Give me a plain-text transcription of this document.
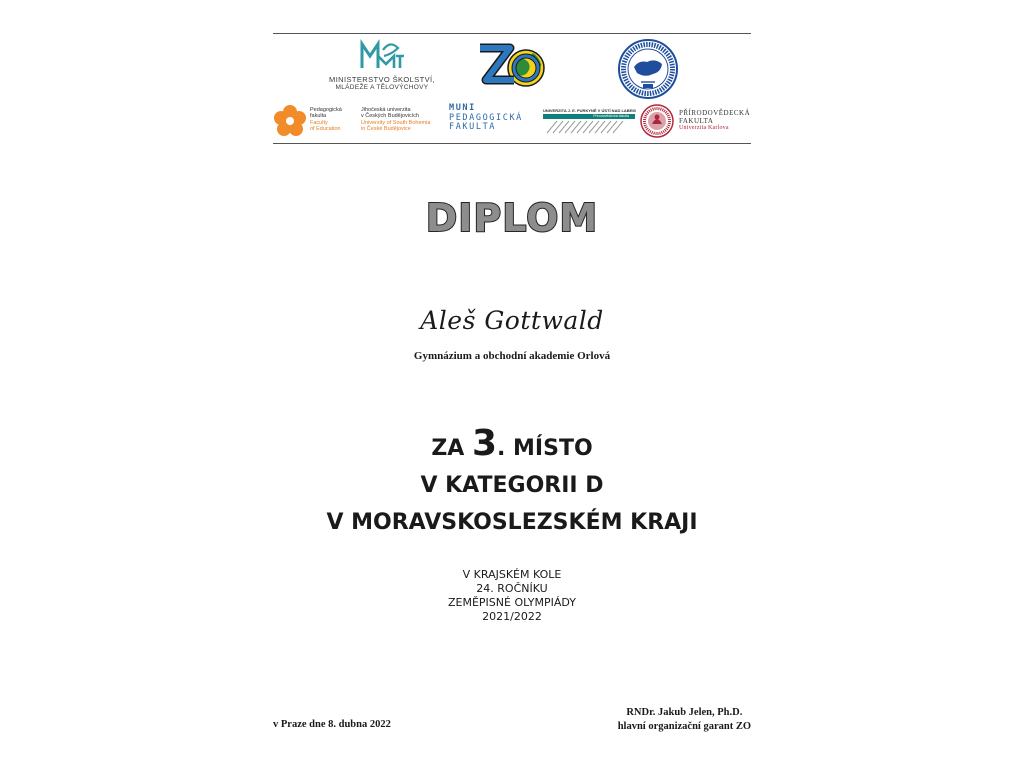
MINISTERSTVO ŠKOLSTVÍ,
MLÁDEŽE A TĚLOVÝCHOVY
Pedagogická
fakulta
Faculty
of Education
Jihočeská univerzita
v Českých Budějovicích
University of South Bohemia
in České Budějovice
MUNI
PEDAGOGICKÁ
FAKULTA
UNIVERZITA J. E. PURKYNĚ V ÚSTÍ NAD LABEM
Přírodovědecká fakulta	PŘÍRODOVĚDECKÁ
FAKULTA
Univerzita Karlova
DIPLOM
Aleš Gottwald
Gymnázium a obchodní akademie Orlová
ZA 3. MÍSTO
V KATEGORII D
V MORAVSKOSLEZSKÉM KRAJI
V KRAJSKÉM KOLE
24. ROČNÍKU
ZEMĚPISNÉ OLYMPIÁDY
2021/2022
v Praze dne 8. dubna 2022
RNDr. Jakub Jelen, Ph.D.
hlavní organizační garant ZO
